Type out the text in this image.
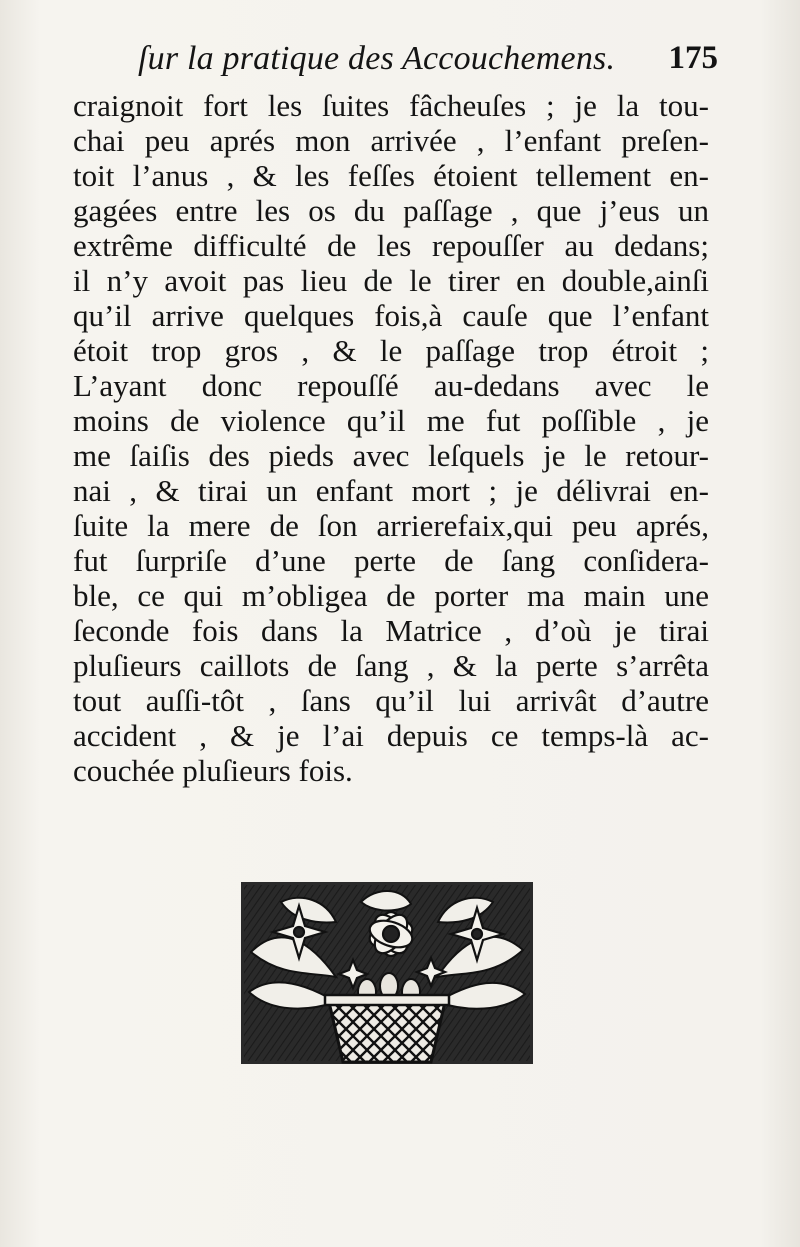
ſur la pratique des Accouchemens. 175
craignoit fort les ſuites fâcheuſes ; je la tou-
chai peu aprés mon arrivée , l’enfant preſen-
toit l’anus , & les feſſes étoient tellement en-
gagées entre les os du paſſage , que j’eus un
extrême difficulté de les repouſſer au dedans;
il n’y avoit pas lieu de le tirer en double,ainſi
qu’il arrive quelques fois,à cauſe que l’enfant
étoit trop gros , & le paſſage trop étroit ;
L’ayant donc repouſſé au-dedans avec le
moins de violence qu’il me fut poſſible , je
me ſaiſis des pieds avec leſquels je le retour-
nai , & tirai un enfant mort ; je délivrai en-
ſuite la mere de ſon arrierefaix,qui peu aprés,
fut ſurpriſe d’une perte de ſang conſidera-
ble, ce qui m’obligea de porter ma main une
ſeconde fois dans la Matrice , d’où je tirai
pluſieurs caillots de ſang , & la perte s’arrêta
tout auſſi-tôt , ſans qu’il lui arrivât d’autre
accident , & je l’ai depuis ce temps-là ac-
couchée pluſieurs fois.
